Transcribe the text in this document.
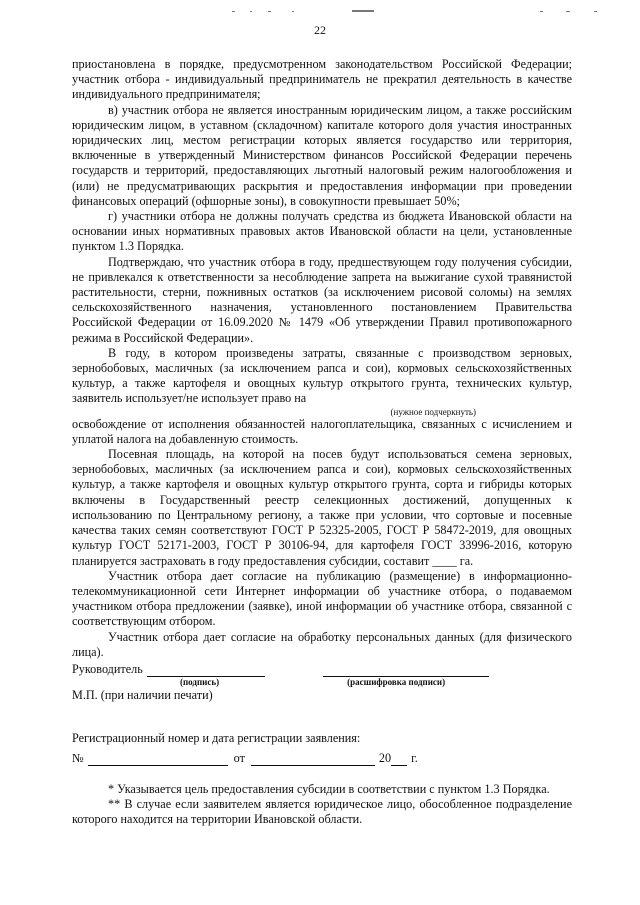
22

приостановлена в порядке, предусмотренном законодательством Российской Федерации; участник отбора - индивидуальный предприниматель не прекратил деятельность в качестве индивидуального предпринимателя;

в) участник отбора не является иностранным юридическим лицом, а также российским юридическим лицом, в уставном (складочном) капитале которого доля участия иностранных юридических лиц, местом регистрации которых является государство или территория, включенные в утвержденный Министерством финансов Российской Федерации перечень государств и территорий, предоставляющих льготный налоговый режим налогообложения и (или) не предусматривающих раскрытия и предоставления информации при проведении финансовых операций (офшорные зоны), в совокупности превышает 50%;

г) участники отбора не должны получать средства из бюджета Ивановской области на основании иных нормативных правовых актов Ивановской области на цели, установленные пунктом 1.3 Порядка.

Подтверждаю, что участник отбора в году, предшествующем году получения субсидии, не привлекался к ответственности за несоблюдение запрета на выжигание сухой травянистой растительности, стерни, пожнивных остатков (за исключением рисовой соломы) на землях сельскохозяйственного назначения, установленного постановлением Правительства Российской Федерации от 16.09.2020 № 1479 «Об утверждении Правил противопожарного режима в Российской Федерации».

В году, в котором произведены затраты, связанные с производством зерновых, зернобобовых, масличных (за исключением рапса и сои), кормовых сельскохозяйственных культур, а также картофеля и овощных культур открытого грунта, технических культур, заявитель использует/не использует право на

(нужное подчеркнуть)

освобождение от исполнения обязанностей налогоплательщика, связанных с исчислением и уплатой налога на добавленную стоимость.

Посевная площадь, на которой на посев будут использоваться семена зерновых, зернобобовых, масличных (за исключением рапса и сои), кормовых сельскохозяйственных культур, а также картофеля и овощных культур открытого грунта, сорта и гибриды которых включены в Государственный реестр селекционных достижений, допущенных к использованию по Центральному региону, а также при условии, что сортовые и посевные качества таких семян соответствуют ГОСТ Р 52325-2005, ГОСТ Р 58472-2019, для овощных культур ГОСТ 52171-2003, ГОСТ Р 30106-94, для картофеля ГОСТ 33996-2016, которую планируется застраховать в году предоставления субсидии, составит ____ га.

Участник отбора дает согласие на публикацию (размещение) в информационно-телекоммуникационной сети Интернет информации об участнике отбора, о подаваемом участником отбора предложении (заявке), иной информации об участнике отбора, связанной с соответствующим отбором.

Участник отбора дает согласие на обработку персональных данных (для физического лица).

Руководитель
(подпись)	(расшифровка подписи)
М.П. (при наличии печати)
Регистрационный номер и дата регистрации заявления:
№	от	20 г.

* Указывается цель предоставления субсидии в соответствии с пунктом 1.3 Порядка.

** В случае если заявителем является юридическое лицо, обособленное подразделение которого находится на территории Ивановской области.
